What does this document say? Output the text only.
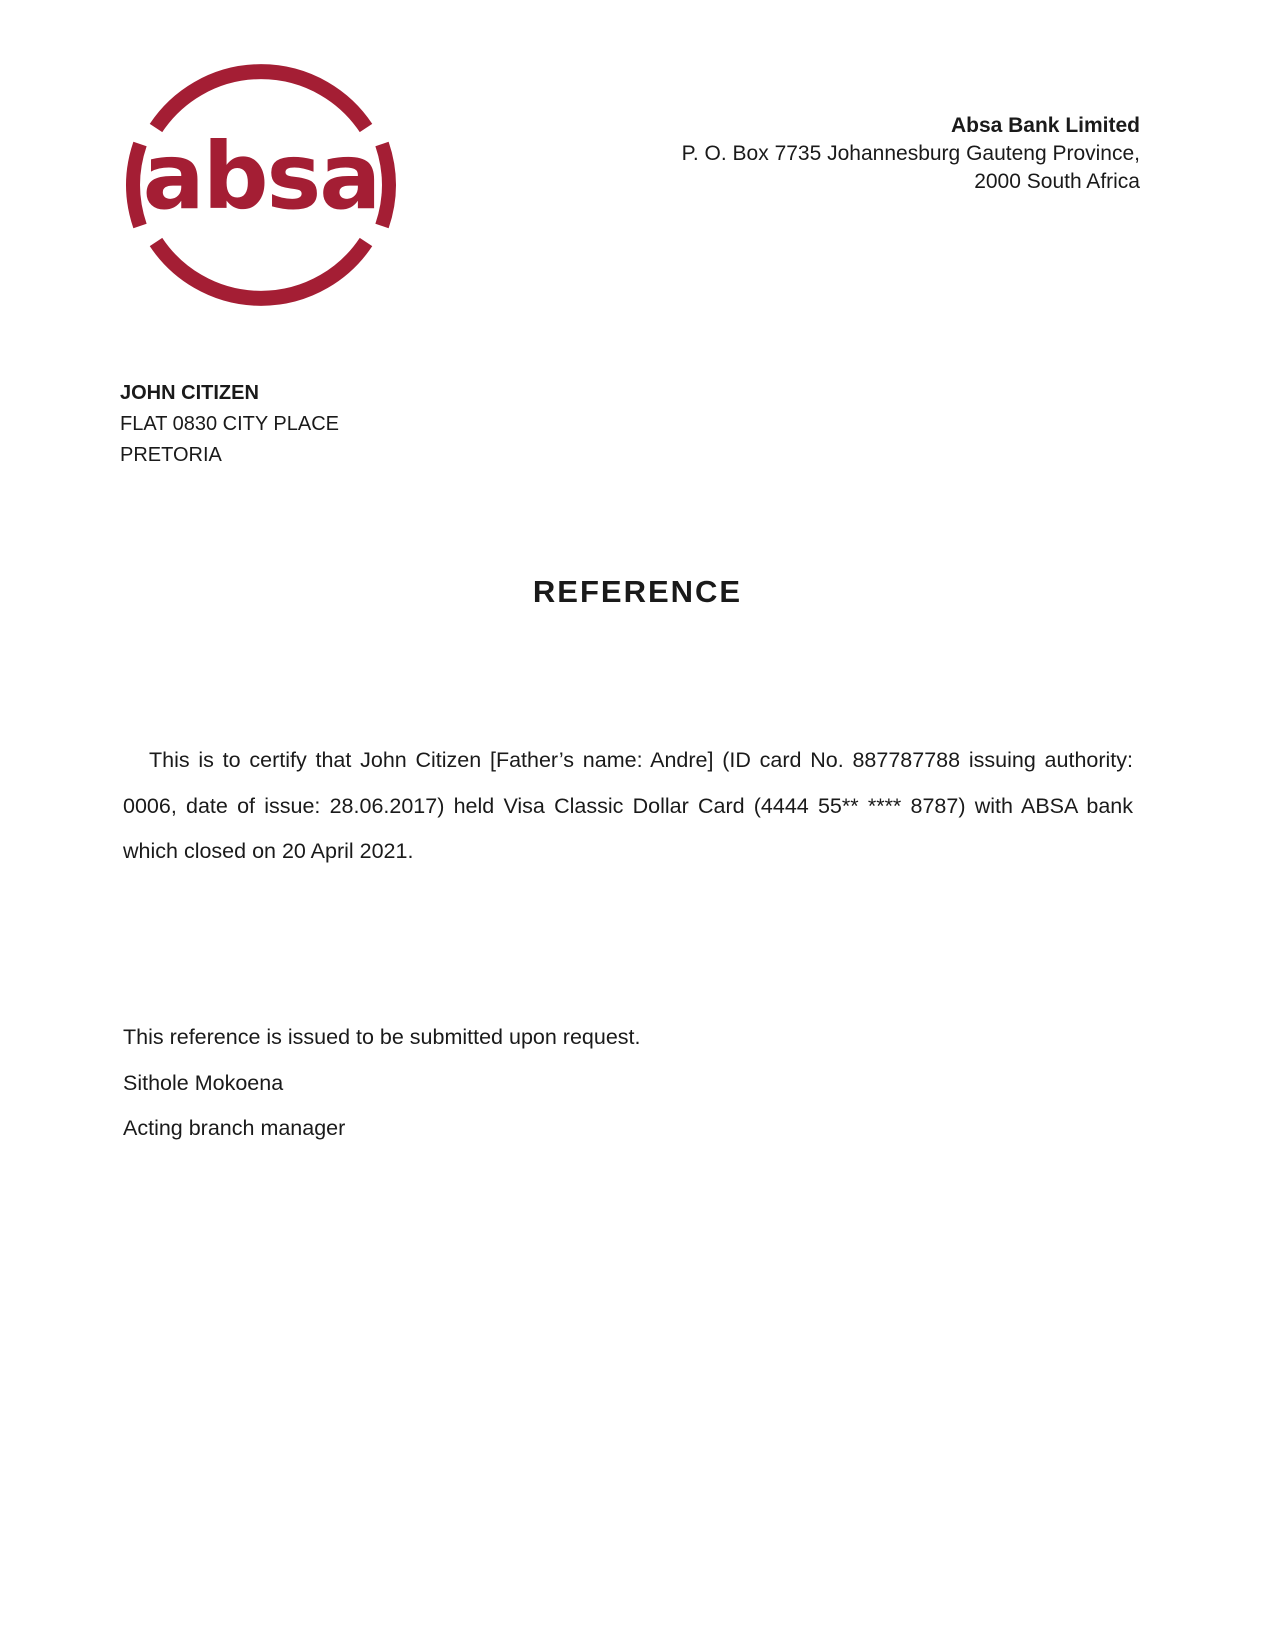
absa	Absa Bank Limited
P. O. Box 7735 Johannesburg Gauteng Province,
2000 South Africa
JOHN CITIZEN
FLAT 0830 CITY PLACE
PRETORIA
REFERENCE
This is to certify that John Citizen [Father’s name: Andre] (ID card No. 887787788 issuing authority: 0006, date of issue: 28.06.2017) held Visa Classic Dollar Card (4444 55** **** 8787) with ABSA bank which closed on 20 April 2021.
This reference is issued to be submitted upon request.
Sithole Mokoena
Acting branch manager
